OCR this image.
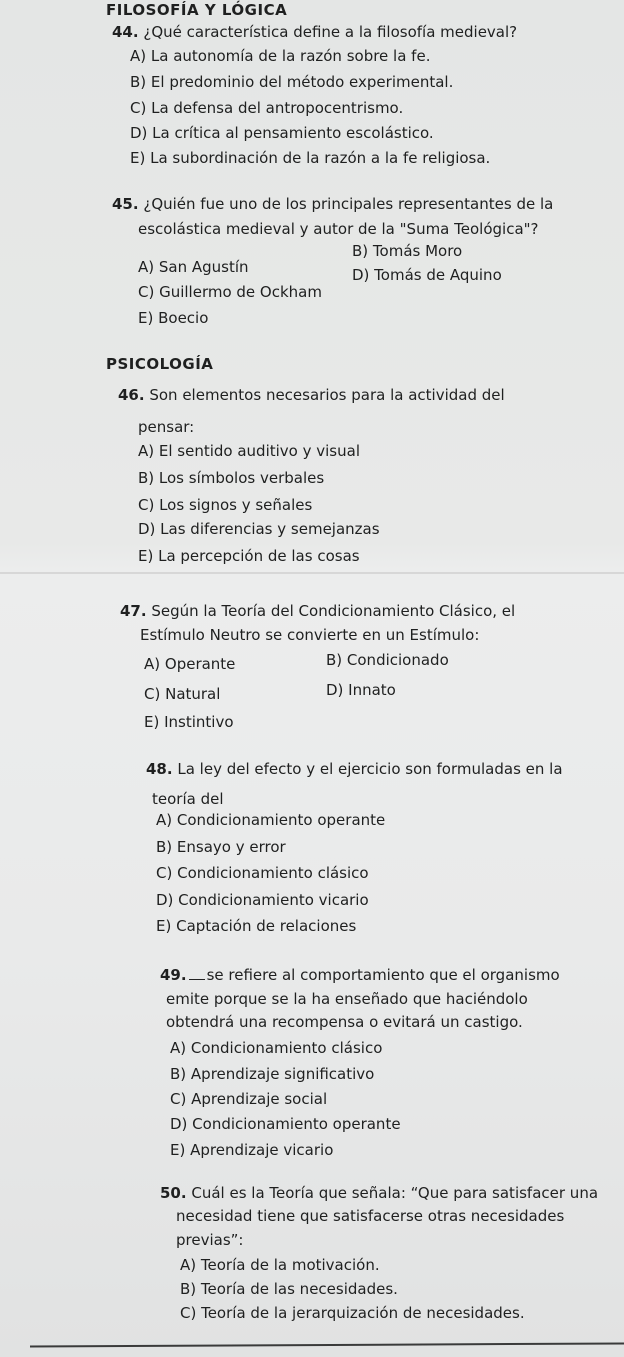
FILOSOFÍA Y LÓGICA
44. ¿Qué característica define a la filosofía medieval?
A) La autonomía de la razón sobre la fe.
B) El predominio del método experimental.
C) La defensa del antropocentrismo.
D) La crítica al pensamiento escolástico.
E) La subordinación de la razón a la fe religiosa.
45. ¿Quién fue uno de los principales representantes de la
escolástica medieval y autor de la "Suma Teológica"?
A) San Agustín
B) Tomás Moro
C) Guillermo de Ockham
D) Tomás de Aquino
E) Boecio
PSICOLOGÍA
46. Son elementos necesarios para la actividad del
pensar:
A) El sentido auditivo y visual
B) Los símbolos verbales
C) Los signos y señales
D) Las diferencias y semejanzas
E) La percepción de las cosas
47. Según la Teoría del Condicionamiento Clásico, el
Estímulo Neutro se convierte en un Estímulo:
A) Operante	B) Condicionado
C) Natural	D) Innato
E) Instintivo
48. La ley del efecto y el ejercicio son formuladas en la
teoría del
A) Condicionamiento operante
B) Ensayo y error
C) Condicionamiento clásico
D) Condicionamiento vicario
E) Captación de relaciones
49. se refiere al comportamiento que el organismo
emite porque se la ha enseñado que haciéndolo
obtendrá una recompensa o evitará un castigo.
A) Condicionamiento clásico
B) Aprendizaje significativo
C) Aprendizaje social
D) Condicionamiento operante
E) Aprendizaje vicario
50. Cuál es la Teoría que señala: “Que para satisfacer una
necesidad tiene que satisfacerse otras necesidades
previas”:
A) Teoría de la motivación.
B) Teoría de las necesidades.
C) Teoría de la jerarquización de necesidades.
